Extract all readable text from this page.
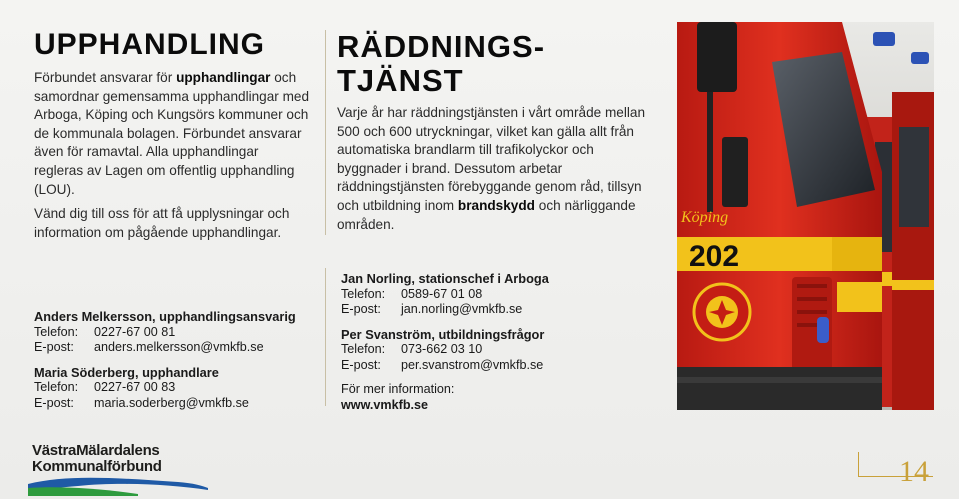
UPPHANDLING

Förbundet ansvarar för upphandlingar och samordnar gemensamma upphandlingar med Arboga, Köping och Kungsörs kommuner och de kommunala bolagen. Förbundet ansvarar även för ramavtal. Alla upphandlingar regleras av Lagen om offentlig upphandling (LOU).

Vänd dig till oss för att få upplysningar och information om pågående upphandlingar.

Anders Melkersson, upphandlingsansvarig
Telefon:	0227-67 00 81
E-post:	anders.melkersson@vmkfb.se
Maria Söderberg, upphandlare
Telefon:	0227-67 00 83
E-post:	maria.soderberg@vmkfb.se
RÄDDNINGS-
TJÄNST

Varje år har räddningstjänsten i vårt område mellan 500 och 600 utryckningar, vilket kan gälla allt från automatiska brandlarm till trafikolyckor och byggnader i brand. Dessutom arbetar räddningstjänsten förebyggande genom råd, tillsyn och utbildning inom brandskydd och närliggande områden.

Jan Norling, stationschef i Arboga
Telefon:	0589-67 01 08
E-post:	jan.norling@vmkfb.se
Per Svanström, utbildningsfrågor
Telefon:	073-662 03 10
E-post:	per.svanstrom@vmkfb.se
För mer information:
www.vmkfb.se
Köping
202
VästraMälardalens
Kommunalförbund	14
